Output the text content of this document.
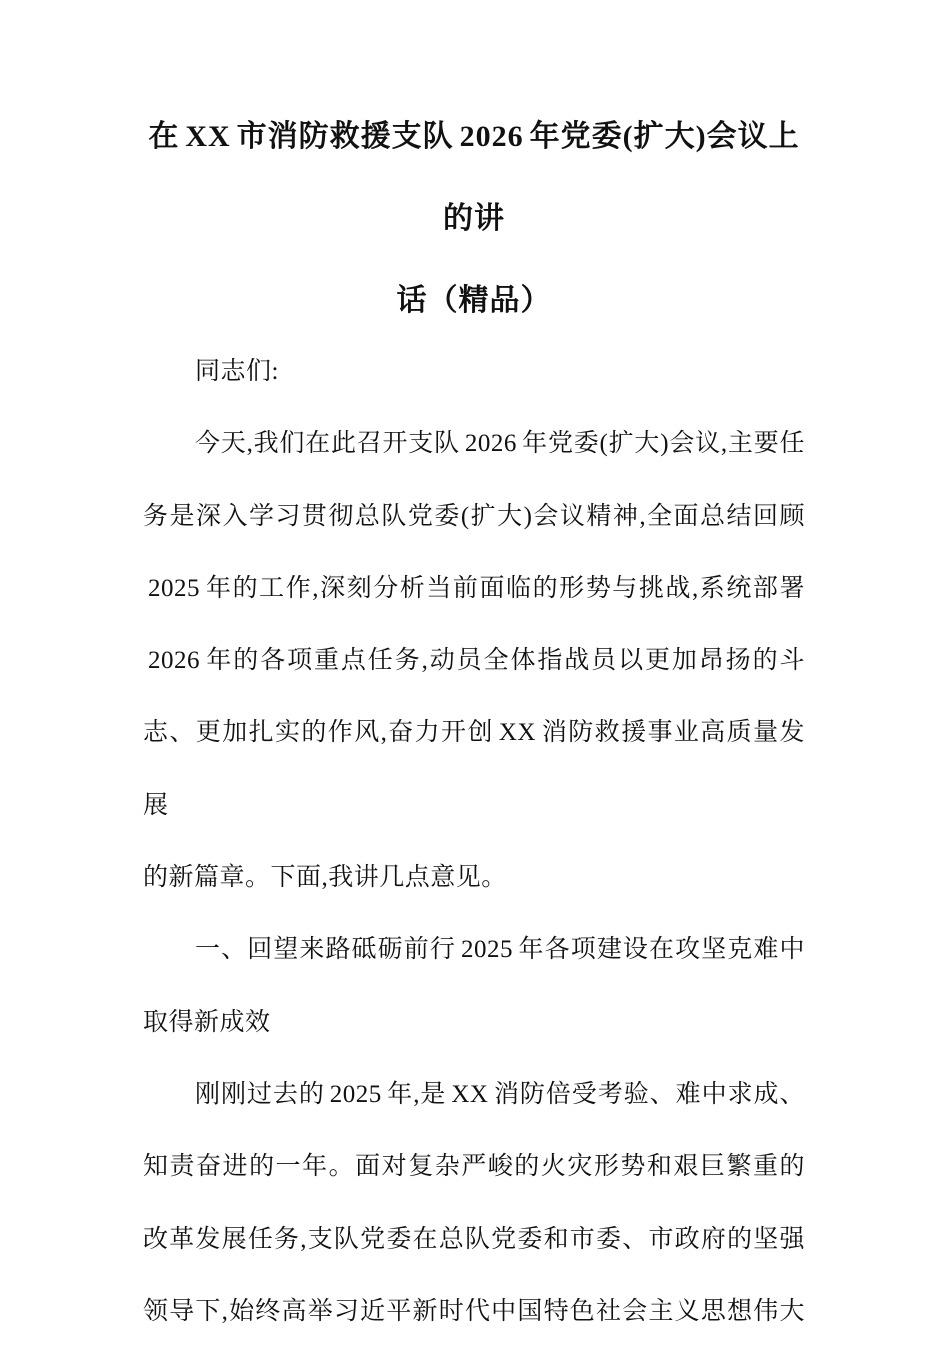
在 XX 市消防救援支队 2026 年党委(扩大)会议上的讲
话（精品）
同志们:
今天,我们在此召开支队 2026 年党委(扩大)会议,主要任
务是深入学习贯彻总队党委(扩大)会议精神,全面总结回顾
2025 年的工作,深刻分析当前面临的形势与挑战,系统部署
2026 年的各项重点任务,动员全体指战员以更加昂扬的斗
志、更加扎实的作风,奋力开创 XX 消防救援事业高质量发展
的新篇章。下面,我讲几点意见。
一、回望来路砥砺前行 2025 年各项建设在攻坚克难中
取得新成效
刚刚过去的 2025 年,是 XX 消防倍受考验、难中求成、
知责奋进的一年。面对复杂严峻的火灾形势和艰巨繁重的
改革发展任务,支队党委在总队党委和市委、市政府的坚强
领导下,始终高举习近平新时代中国特色社会主义思想伟大
